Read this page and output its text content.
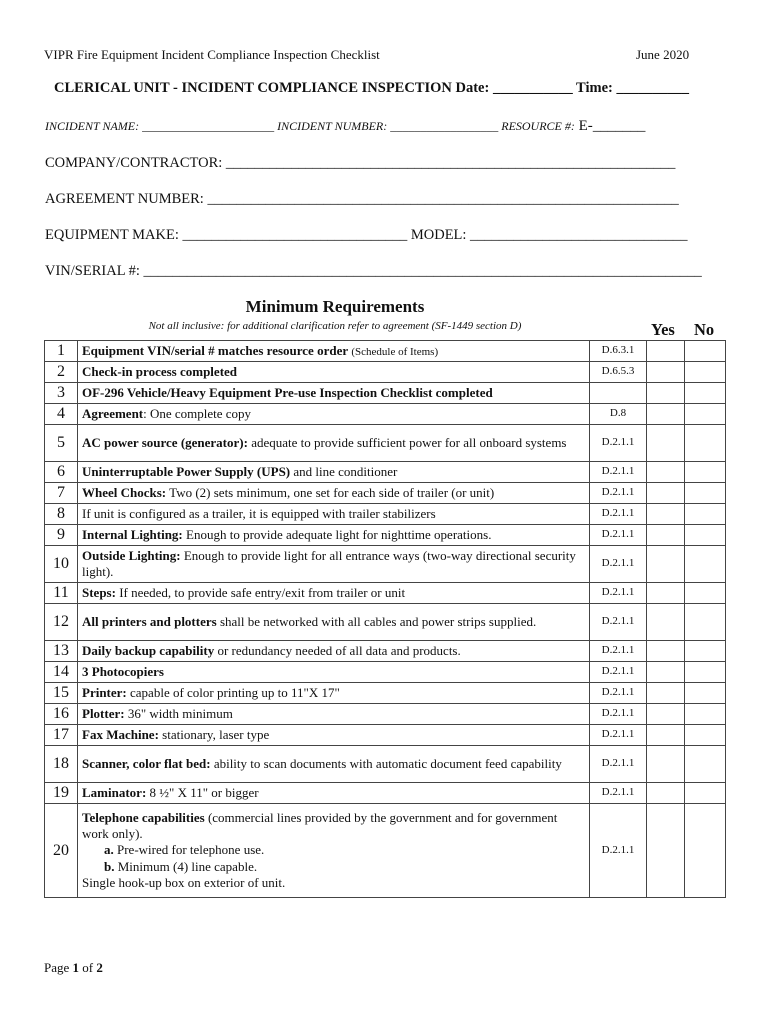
VIPR Fire Equipment Incident Compliance Inspection Checklist	June 2020
CLERICAL UNIT - INCIDENT COMPLIANCE INSPECTION Date: ___________ Time: __________
INCIDENT NAME: ______________________ INCIDENT NUMBER: __________________ RESOURCE #: E-_______
COMPANY/CONTRACTOR: ______________________________________________________________
AGREEMENT NUMBER: _________________________________________________________________
EQUIPMENT MAKE: _______________________________ MODEL: ______________________________
VIN/SERIAL #: _____________________________________________________________________________
Minimum Requirements
Not all inclusive: for additional clarification refer to agreement (SF-1449 section D)	Yes No
1	Equipment VIN/serial # matches resource order (Schedule of Items)	D.6.3.1		
2	Check-in process completed	D.6.5.3		
3	OF-296 Vehicle/Heavy Equipment Pre-use Inspection Checklist completed			
4	Agreement: One complete copy	D.8		
5	AC power source (generator): adequate to provide sufficient power for all onboard systems	D.2.1.1		
6	Uninterruptable Power Supply (UPS) and line conditioner	D.2.1.1		
7	Wheel Chocks: Two (2) sets minimum, one set for each side of trailer (or unit)	D.2.1.1		
8	If unit is configured as a trailer, it is equipped with trailer stabilizers	D.2.1.1		
9	Internal Lighting: Enough to provide adequate light for nighttime operations.	D.2.1.1		
10	Outside Lighting: Enough to provide light for all entrance ways (two-way directional security light).	D.2.1.1		
11	Steps: If needed, to provide safe entry/exit from trailer or unit	D.2.1.1		
12	All printers and plotters shall be networked with all cables and power strips supplied.	D.2.1.1		
13	Daily backup capability or redundancy needed of all data and products.	D.2.1.1		
14	3 Photocopiers	D.2.1.1		
15	Printer: capable of color printing up to 11"X 17"	D.2.1.1		
16	Plotter: 36" width minimum	D.2.1.1		
17	Fax Machine: stationary, laser type	D.2.1.1		
18	Scanner, color flat bed: ability to scan documents with automatic document feed capability	D.2.1.1		
19	Laminator: 8 ½" X 11" or bigger	D.2.1.1		
20	Telephone capabilities (commercial lines provided by the government and for government work only).
a. Pre-wired for telephone use.
b. Minimum (4) line capable.
Single hook-up box on exterior of unit.	D.2.1.1		
Page 1 of 2
